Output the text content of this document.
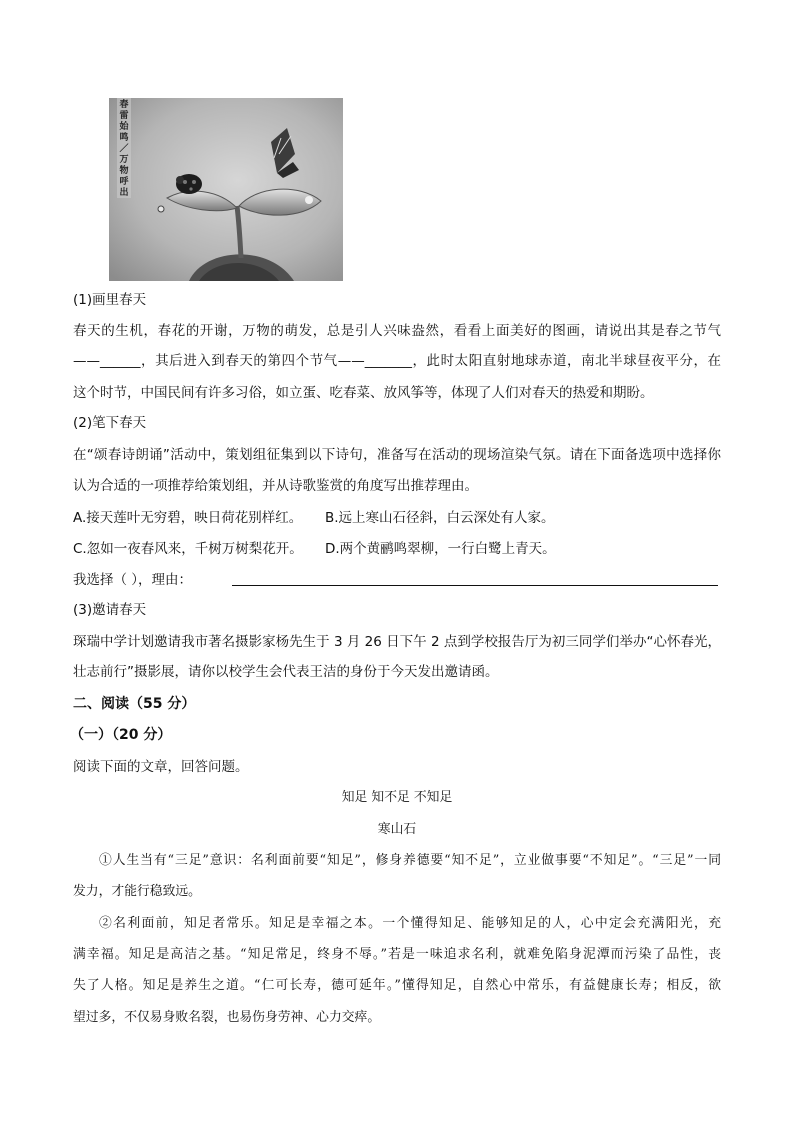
春雷始鸣／万物呼出
(1)画里春天
春天的生机，春花的开谢，万物的萌发，总是引人兴味盎然，看看上面美好的图画，请说出其是春之节气
——______，其后进入到春天的第四个节气——_______，此时太阳直射地球赤道，南北半球昼夜平分，在
这个时节，中国民间有许多习俗，如立蛋、吃春菜、放风筝等，体现了人们对春天的热爱和期盼。
(2)笔下春天
在“颂春诗朗诵”活动中，策划组征集到以下诗句，准备写在活动的现场渲染气氛。请在下面备选项中选择你
认为合适的一项推荐给策划组，并从诗歌鉴赏的角度写出推荐理由。
A.接天莲叶无穷碧，映日荷花别样红。 B.远上寒山石径斜，白云深处有人家。
C.忽如一夜春风来，千树万树梨花开。 D.两个黄鹂鸣翠柳，一行白鹭上青天。
我选择（ ），理由：
(3)邀请春天
琛瑞中学计划邀请我市著名摄影家杨先生于 3 月 26 日下午 2 点到学校报告厅为初三同学们举办“心怀春光，
壮志前行”摄影展，请你以校学生会代表王洁的身份于今天发出邀请函。
二、阅读（55 分）
（一）（20 分）
阅读下面的文章，回答问题。
知足 知不足 不知足
寒山石
①人生当有“三足”意识：名利面前要“知足”，修身养德要“知不足”，立业做事要“不知足”。“三足”一同
发力，才能行稳致远。
②名利面前，知足者常乐。知足是幸福之本。一个懂得知足、能够知足的人，心中定会充满阳光，充
满幸福。知足是高洁之基。“知足常足，终身不辱。”若是一味追求名利，就难免陷身泥潭而污染了品性，丧
失了人格。知足是养生之道。“仁可长寿，德可延年。”懂得知足，自然心中常乐，有益健康长寿；相反，欲
望过多，不仅易身败名裂，也易伤身劳神、心力交瘁。
